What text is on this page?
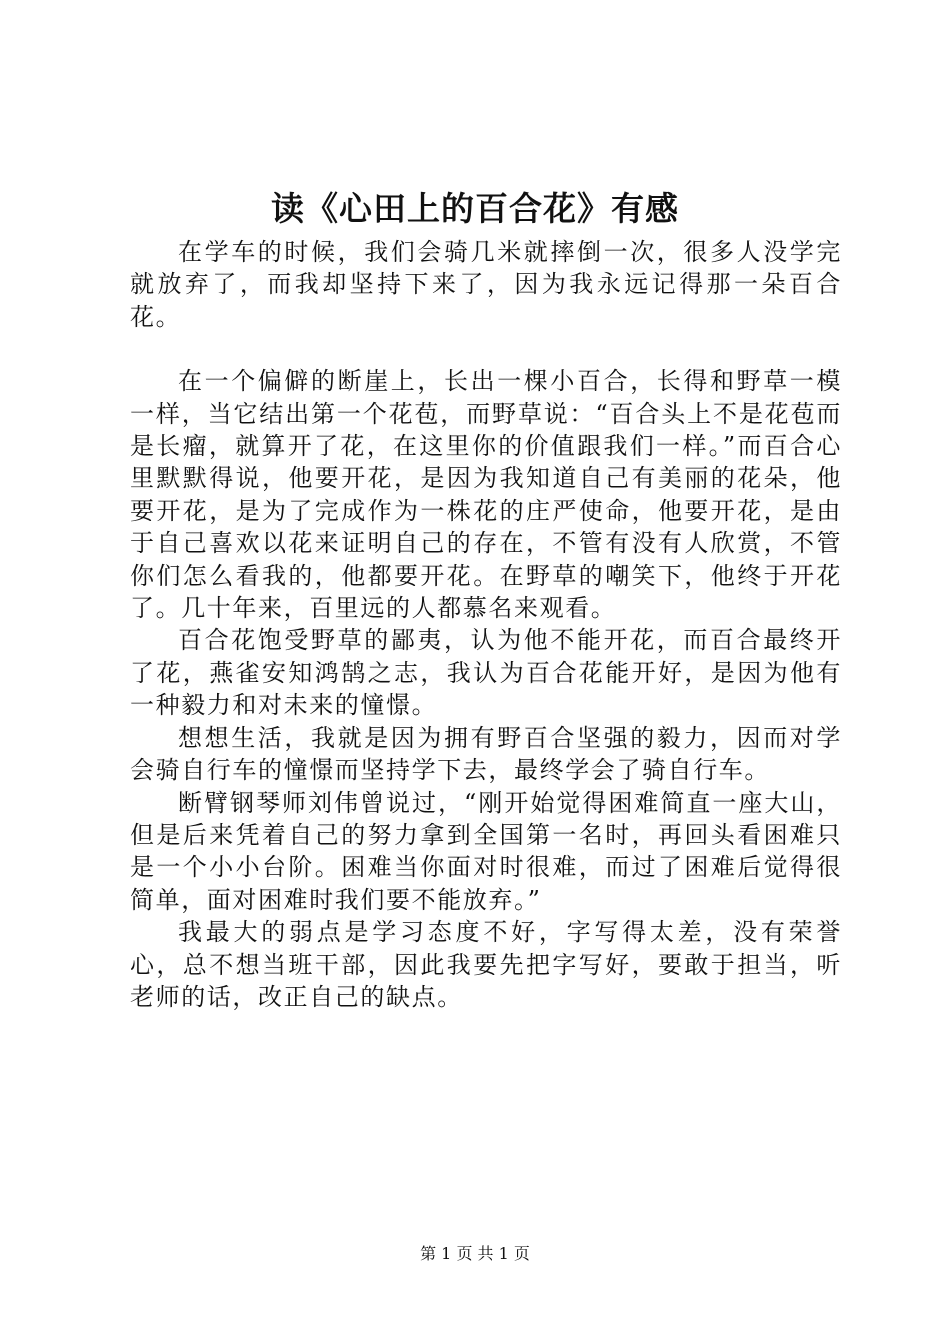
读《心田上的百合花》有感

在学车的时候，我们会骑几米就摔倒一次，很多人没学完就放弃了，而我却坚持下来了，因为我永远记得那一朵百合花。

在一个偏僻的断崖上，长出一棵小百合，长得和野草一模一样，当它结出第一个花苞，而野草说：“百合头上不是花苞而是长瘤，就算开了花，在这里你的价值跟我们一样。”而百合心里默默得说，他要开花，是因为我知道自己有美丽的花朵，他要开花，是为了完成作为一株花的庄严使命，他要开花，是由于自己喜欢以花来证明自己的存在，不管有没有人欣赏，不管你们怎么看我的，他都要开花。在野草的嘲笑下，他终于开花了。几十年来，百里远的人都慕名来观看。

百合花饱受野草的鄙夷，认为他不能开花，而百合最终开了花，燕雀安知鸿鹄之志，我认为百合花能开好，是因为他有一种毅力和对未来的憧憬。

想想生活，我就是因为拥有野百合坚强的毅力，因而对学会骑自行车的憧憬而坚持学下去，最终学会了骑自行车。

断臂钢琴师刘伟曾说过，“刚开始觉得困难简直一座大山，但是后来凭着自己的努力拿到全国第一名时，再回头看困难只是一个小小台阶。困难当你面对时很难，而过了困难后觉得很简单，面对困难时我们要不能放弃。”

我最大的弱点是学习态度不好，字写得太差，没有荣誉心，总不想当班干部，因此我要先把字写好，要敢于担当，听老师的话，改正自己的缺点。

第 1 页 共 1 页
